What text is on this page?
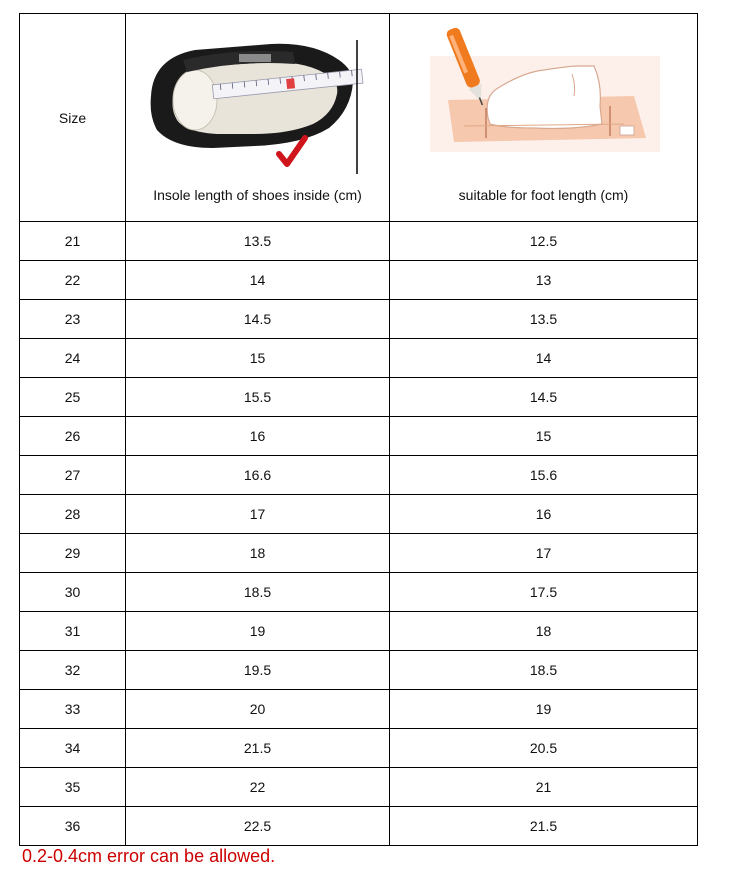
Size	Insole length of shoes inside (cm)	suitable for foot length (cm)

21	13.5	12.5
22	14	13
23	14.5	13.5
24	15	14
25	15.5	14.5
26	16	15
27	16.6	15.6
28	17	16
29	18	17
30	18.5	17.5
31	19	18
32	19.5	18.5
33	20	19
34	21.5	20.5
35	22	21
36	22.5	21.5
0.2-0.4cm error can be allowed.
